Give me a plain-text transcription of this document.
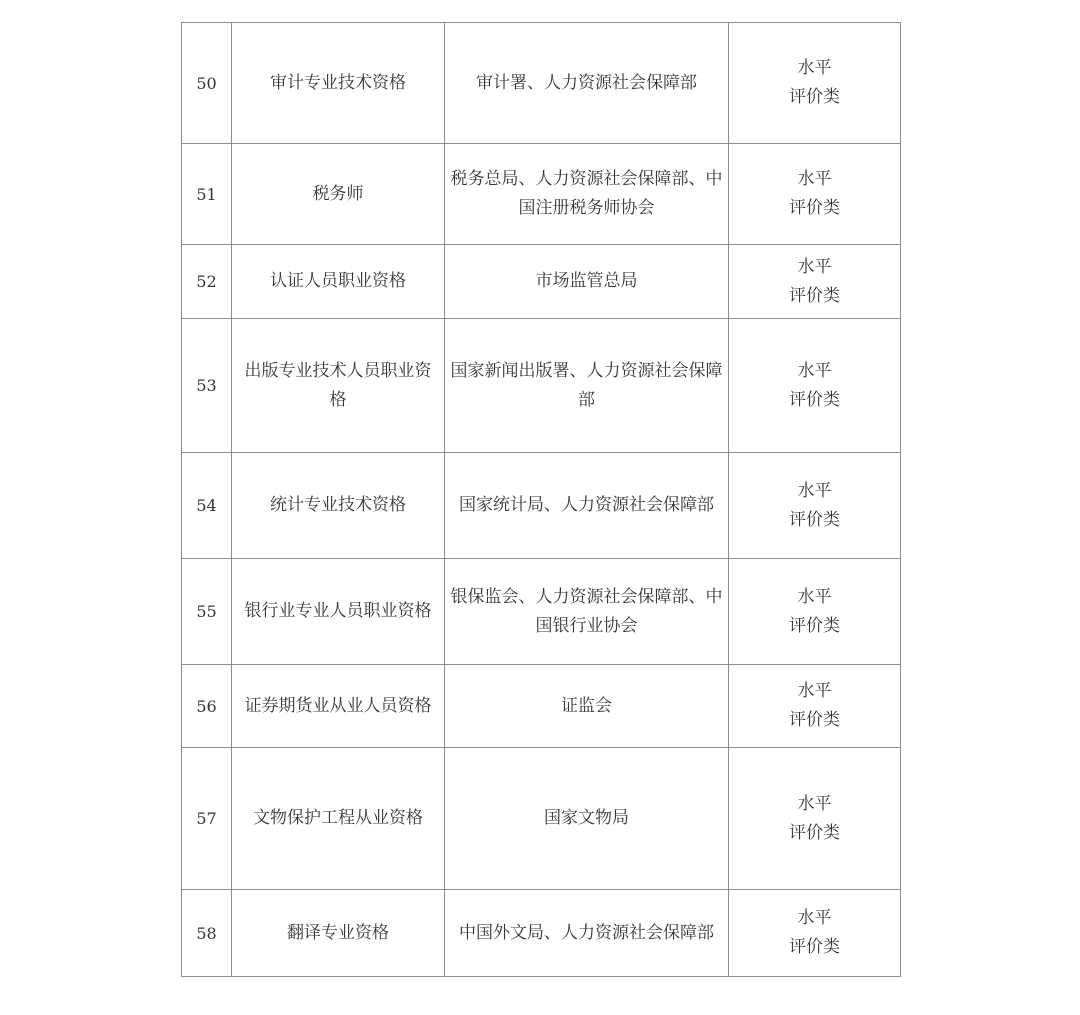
50	审计专业技术资格	审计署、人力资源社会保障部	水平
评价类

51	税务师	税务总局、人力资源社会保障部、中
国注册税务师协会	水平
评价类

52	认证人员职业资格	市场监管总局	水平
评价类

53	出版专业技术人员职业资
格	国家新闻出版署、人力资源社会保障
部	水平
评价类

54	统计专业技术资格	国家统计局、人力资源社会保障部	水平
评价类

55	银行业专业人员职业资格	银保监会、人力资源社会保障部、中
国银行业协会	水平
评价类

56	证券期货业从业人员资格	证监会	水平
评价类

57	文物保护工程从业资格	国家文物局	水平
评价类

58	翻译专业资格	中国外文局、人力资源社会保障部	水平
评价类
